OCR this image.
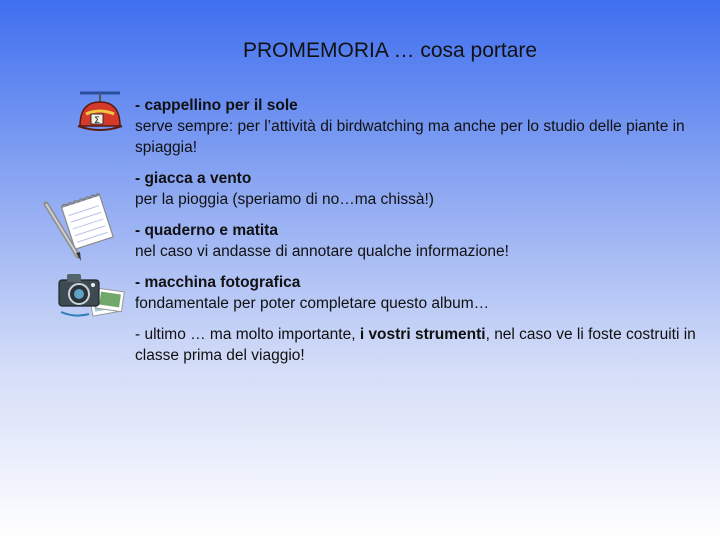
PROMEMORIA … cosa portare
Σ
- cappellino per il sole
serve sempre: per l’attività di birdwatching ma anche per lo studio delle piante in spiaggia!
- giacca a vento
per la pioggia (speriamo di no…ma chissà!)
- quaderno e matita
nel caso vi andasse di annotare qualche informazione!
- macchina fotografica
fondamentale per poter completare questo album…
- ultimo … ma molto importante, i vostri strumenti, nel caso ve li foste costruiti in classe prima del viaggio!
